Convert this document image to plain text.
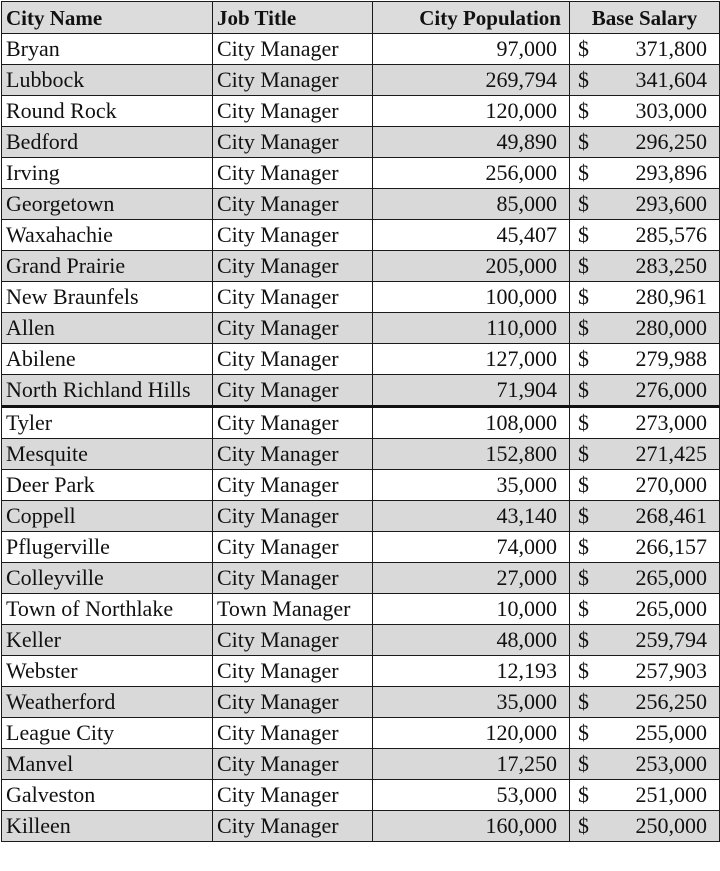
City Name	Job Title	City Population	Base Salary
Bryan	City Manager	97,000	$ 371,800

Lubbock	City Manager	269,794	$ 341,604

Round Rock	City Manager	120,000	$ 303,000

Bedford	City Manager	49,890	$ 296,250

Irving	City Manager	256,000	$ 293,896

Georgetown	City Manager	85,000	$ 293,600

Waxahachie	City Manager	45,407	$ 285,576

Grand Prairie	City Manager	205,000	$ 283,250

New Braunfels	City Manager	100,000	$ 280,961

Allen	City Manager	110,000	$ 280,000

Abilene	City Manager	127,000	$ 279,988

North Richland Hills	City Manager	71,904	$ 276,000

Tyler	City Manager	108,000	$ 273,000

Mesquite	City Manager	152,800	$ 271,425

Deer Park	City Manager	35,000	$ 270,000

Coppell	City Manager	43,140	$ 268,461

Pflugerville	City Manager	74,000	$ 266,157

Colleyville	City Manager	27,000	$ 265,000

Town of Northlake	Town Manager	10,000	$ 265,000

Keller	City Manager	48,000	$ 259,794

Webster	City Manager	12,193	$ 257,903

Weatherford	City Manager	35,000	$ 256,250

League City	City Manager	120,000	$ 255,000

Manvel	City Manager	17,250	$ 253,000

Galveston	City Manager	53,000	$ 251,000

Killeen	City Manager	160,000	$ 250,000
